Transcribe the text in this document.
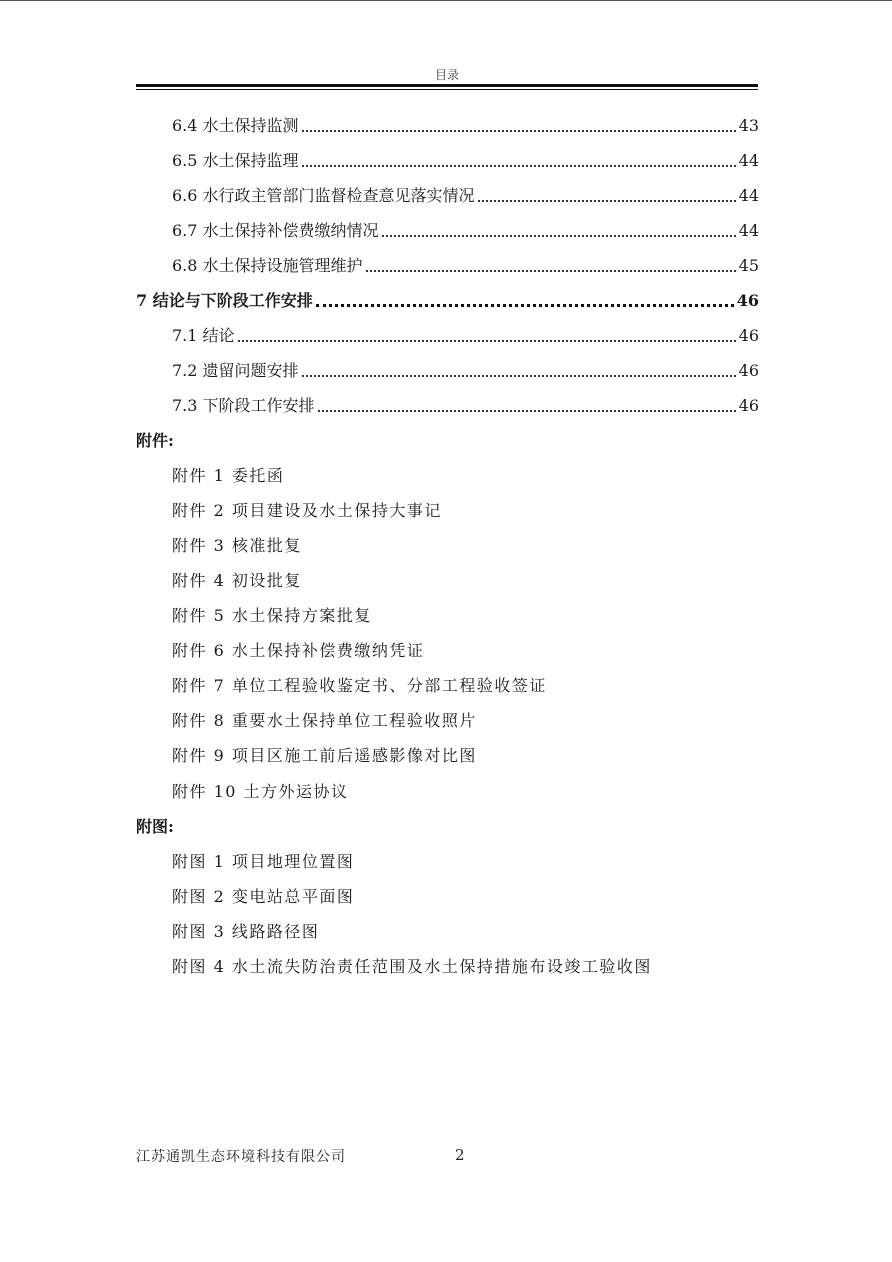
目录
6.4 水土保持监测	43
6.5 水土保持监理	44
6.6 水行政主管部门监督检查意见落实情况	44
6.7 水土保持补偿费缴纳情况	44
6.8 水土保持设施管理维护	45
7 结论与下阶段工作安排	46
7.1 结论	46
7.2 遗留问题安排	46
7.3 下阶段工作安排	46
附件:
附件 1 委托函
附件 2 项目建设及水土保持大事记
附件 3 核准批复
附件 4 初设批复
附件 5 水土保持方案批复
附件 6 水土保持补偿费缴纳凭证
附件 7 单位工程验收鉴定书、分部工程验收签证
附件 8 重要水土保持单位工程验收照片
附件 9 项目区施工前后遥感影像对比图
附件 10 土方外运协议
附图:
附图 1 项目地理位置图
附图 2 变电站总平面图
附图 3 线路路径图
附图 4 水土流失防治责任范围及水土保持措施布设竣工验收图
江苏通凯生态环境科技有限公司	2
